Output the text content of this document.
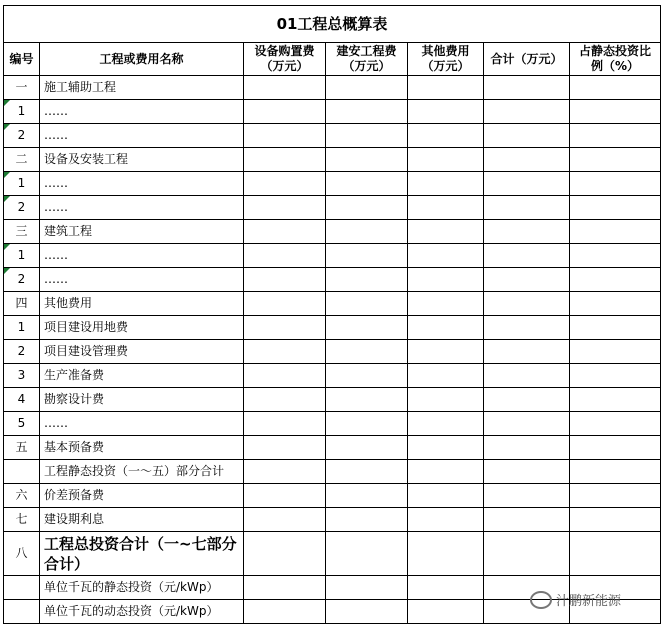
01工程总概算表						
编号	工程或费用名称	设备购置费（万元）	建安工程费（万元）	其他费用（万元）	合计（万元）	占静态投资比例（%）
一	施工辅助工程					

1	……					

2	……					
二	设备及安装工程					

1	……					

2	……					
三	建筑工程					

1	……					

2	……					
四	其他费用					
1	项目建设用地费					
2	项目建设管理费					
3	生产准备费					
4	勘察设计费					
5	……					
五	基本预备费					
	工程静态投资（一～五）部分合计					
六	价差预备费					
七	建设期利息					
八	工程总投资合计（一~七部分合计）					
	单位千瓦的静态投资（元/kWp）					
	单位千瓦的动态投资（元/kWp）					
汁鹏新能源
